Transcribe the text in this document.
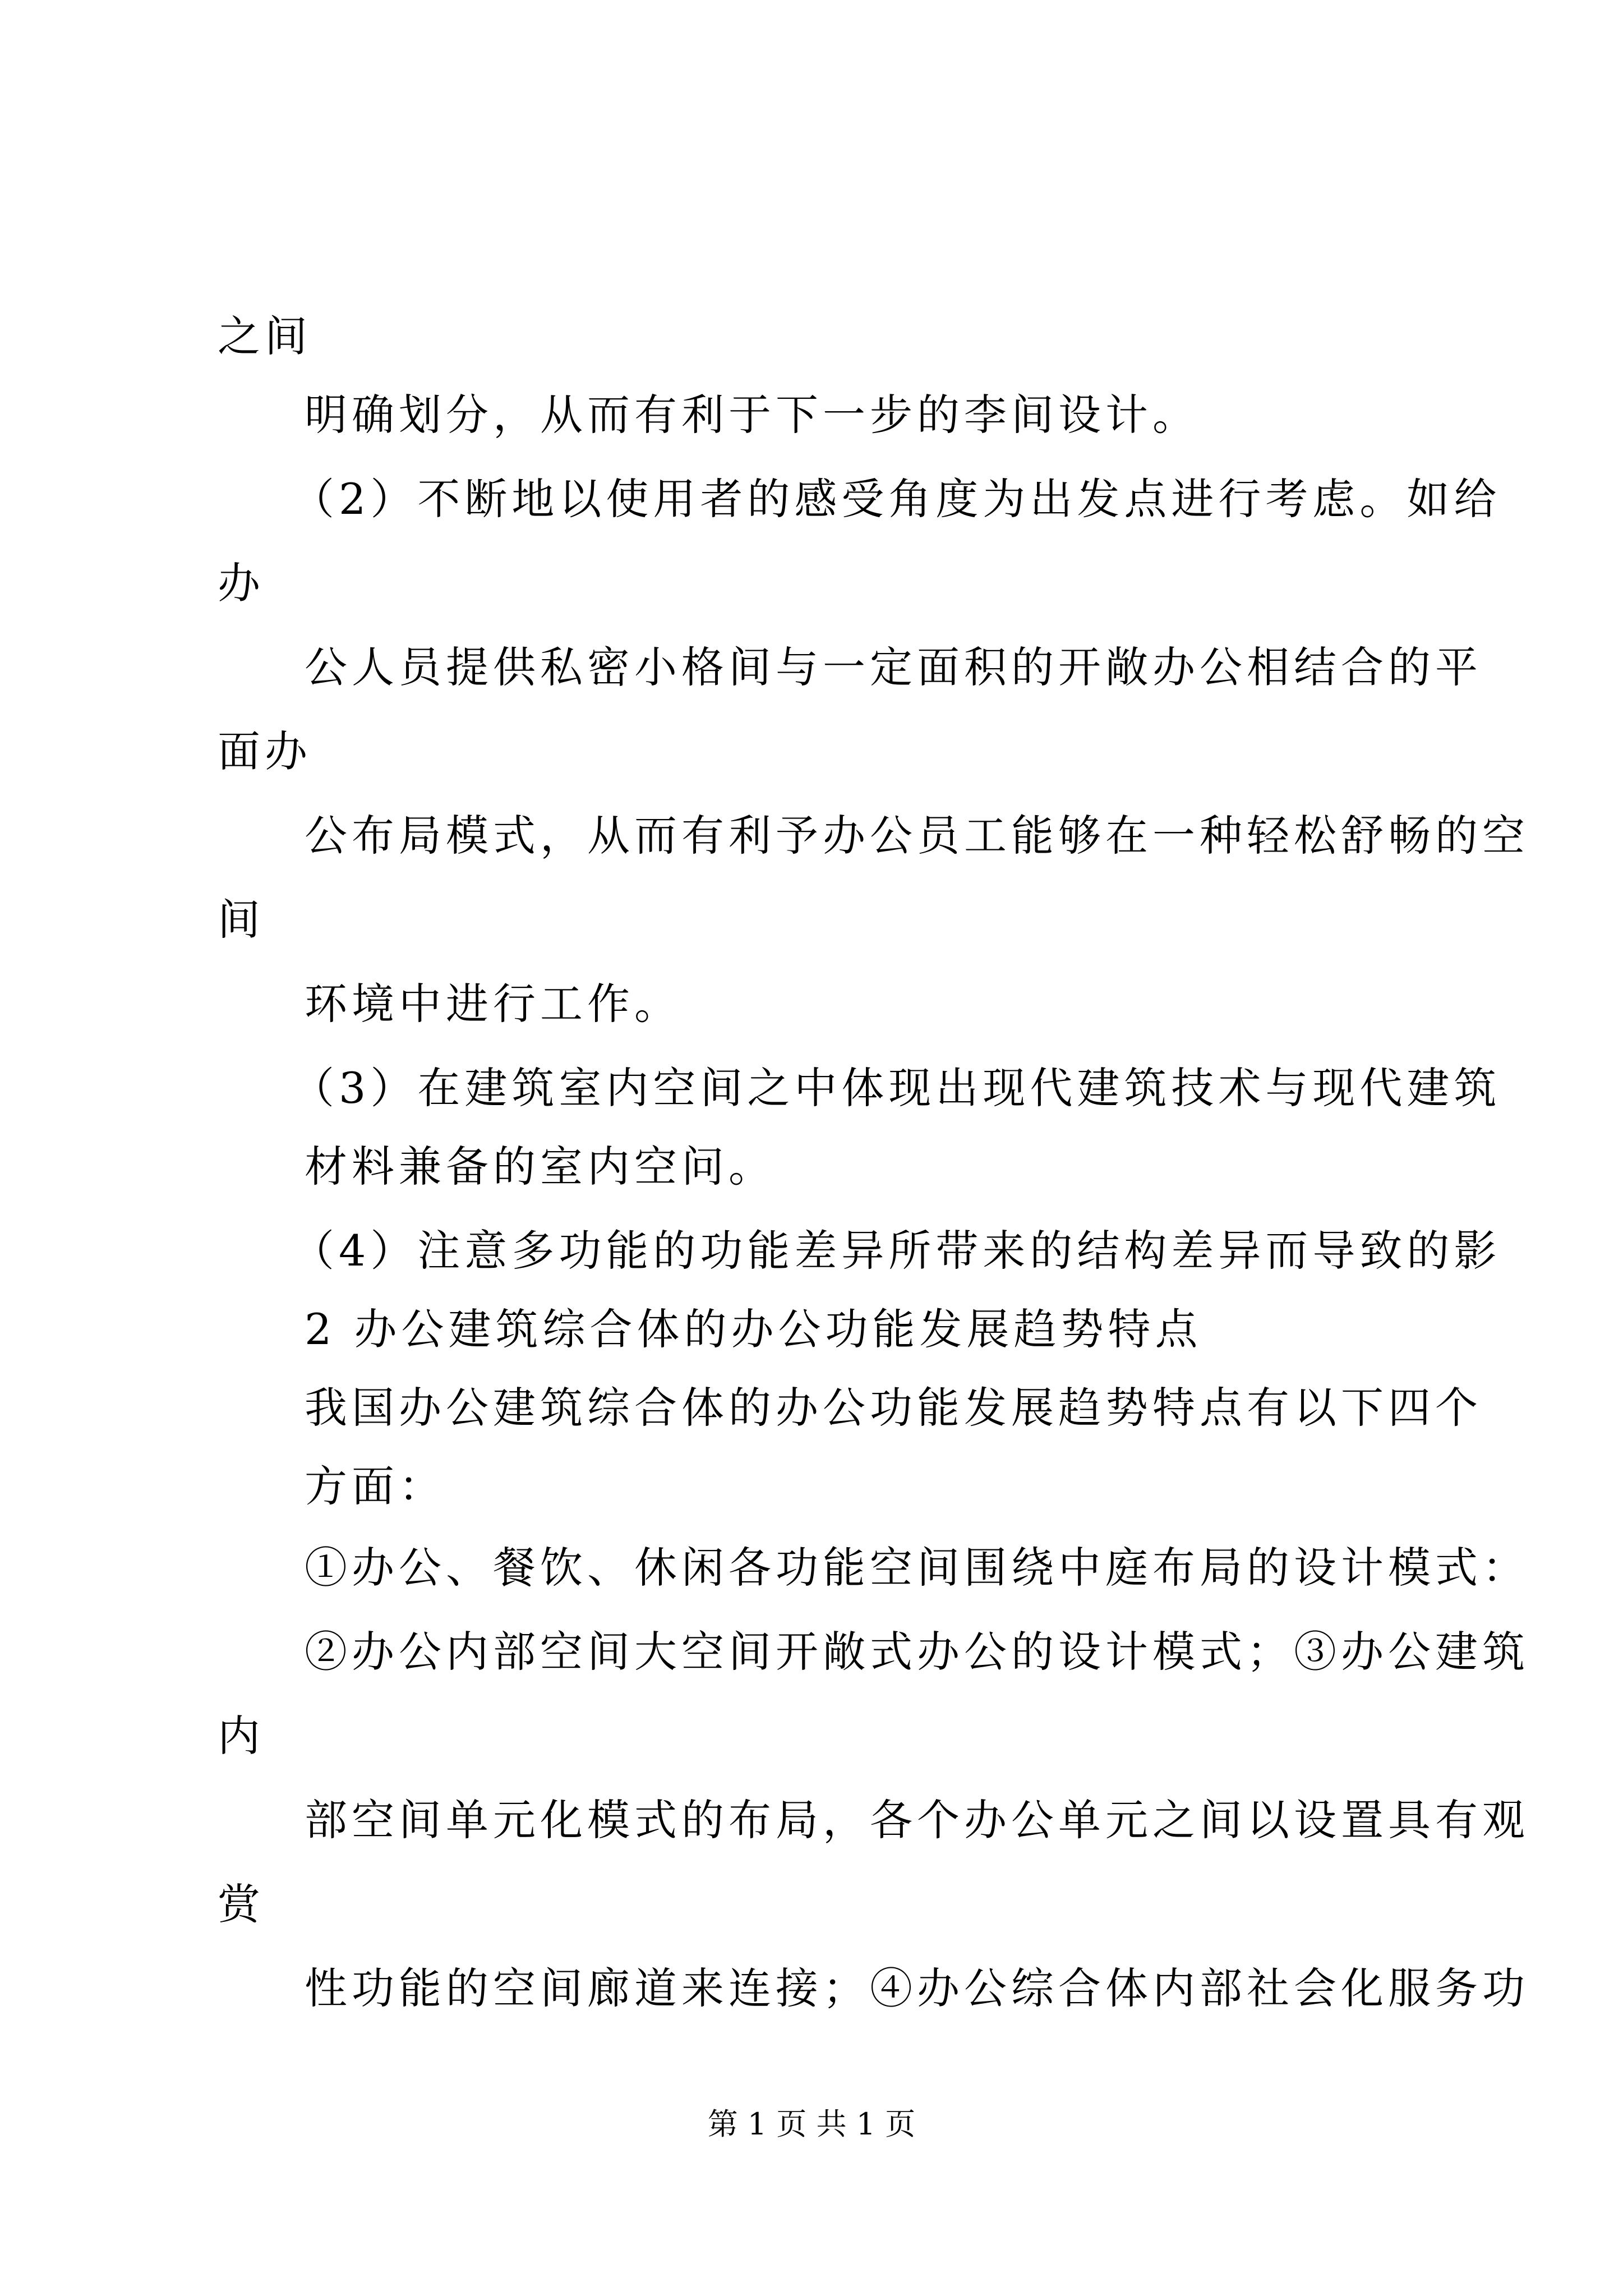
之间
明确划分，从而有利于下一步的李间设计。
（2）不断地以使用者的感受角度为出发点进行考虑。如给
办
公人员提供私密小格间与一定面积的开敞办公相结合的平
面办
公布局模式，从而有利予办公员工能够在一种轻松舒畅的空
间
环境中进行工作。
（3）在建筑室内空间之中体现出现代建筑技术与现代建筑
材料兼备的室内空问。
（4）注意多功能的功能差异所带来的结构差异而导致的影
2 办公建筑综合体的办公功能发展趋势特点
我国办公建筑综合体的办公功能发展趋势特点有以下四个
方面：
①办公、餐饮、休闲各功能空间围绕中庭布局的设计模式：
②办公内部空间大空间开敞式办公的设计模式；③办公建筑
内
部空间单元化模式的布局，各个办公单元之间以设置具有观
赏
性功能的空间廊道来连接；④办公综合体内部社会化服务功
第 1 页 共 1 页
